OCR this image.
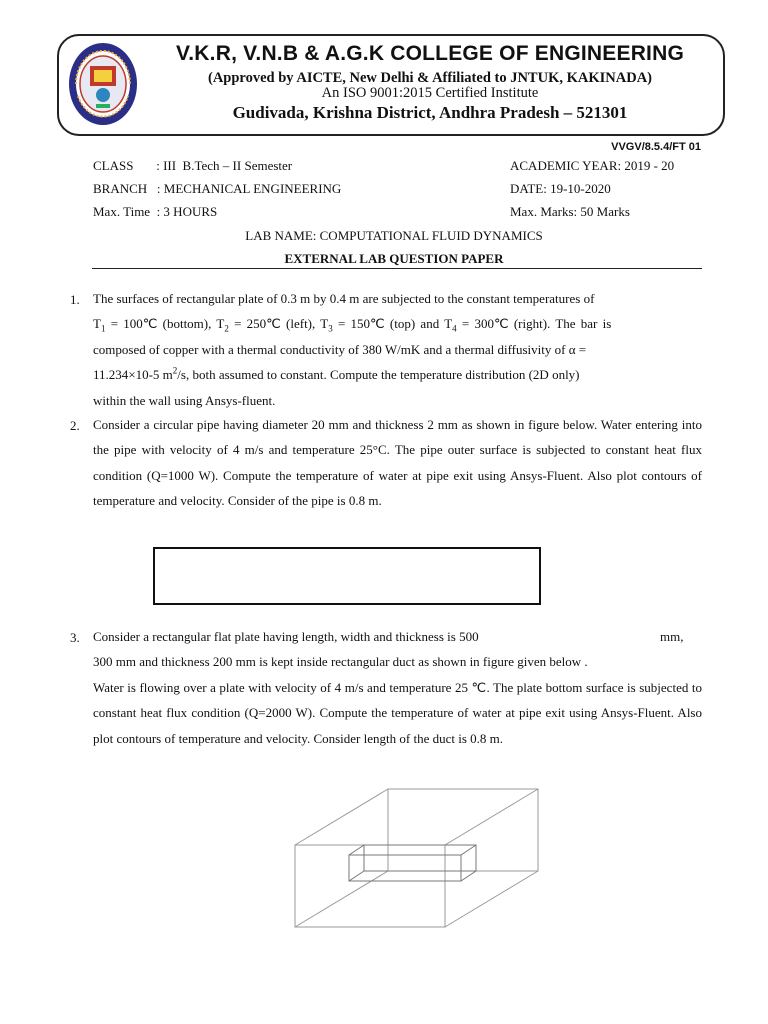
V.K.R, V.N.B & A.G.K COLLEGE OF ENGINEERING
(Approved by AICTE, New Delhi & Affiliated to JNTUK, KAKINADA)
An ISO 9001:2015 Certified Institute
Gudivada, Krishna District, Andhra Pradesh – 521301
VVGV/8.5.4/FT 01
CLASS       : III  B.Tech – II Semester	ACADEMIC YEAR: 2019 - 20
BRANCH   : MECHANICAL ENGINEERING	DATE: 19-10-2020
Max. Time  : 3 HOURS	Max. Marks: 50 Marks
LAB NAME: COMPUTATIONAL FLUID DYNAMICS
EXTERNAL LAB QUESTION PAPER
1. The surfaces of rectangular plate of 0.3 m by 0.4 m are subjected to the constant temperatures of
$T_1$ = 100℃ (bottom), $T_2$ = 250℃ (left), $T_3$ = 150℃ (top) and $T_4$ = 300℃ (right). The bar is
composed of copper with a thermal conductivity of 380 W/mK and a thermal diffusivity of α =
11.234×10-5 $m^2/s$, both assumed to constant. Compute the temperature distribution (2D only)
within the wall using Ansys-fluent.
2. Consider a circular pipe having diameter 20 mm and thickness 2 mm as shown in figure below. Water entering into the pipe with velocity of 4 m/s and temperature 25°C. The pipe outer surface is subjected to constant heat flux condition (Q=1000 W). Compute the temperature of water at pipe exit using Ansys-Fluent. Also plot contours of temperature and velocity. Consider of the pipe is 0.8 m.
3. Consider a rectangular flat plate having length, width and thickness is 500	mm,
300 mm and thickness 200 mm is kept inside rectangular duct as shown in figure given below .
Water is flowing over a plate with velocity of 4 m/s and temperature 25 ℃. The plate bottom surface is subjected to constant heat flux condition (Q=2000 W). Compute the temperature of water at pipe exit using Ansys-Fluent. Also plot contours of temperature and velocity. Consider length of the duct is 0.8 m.
